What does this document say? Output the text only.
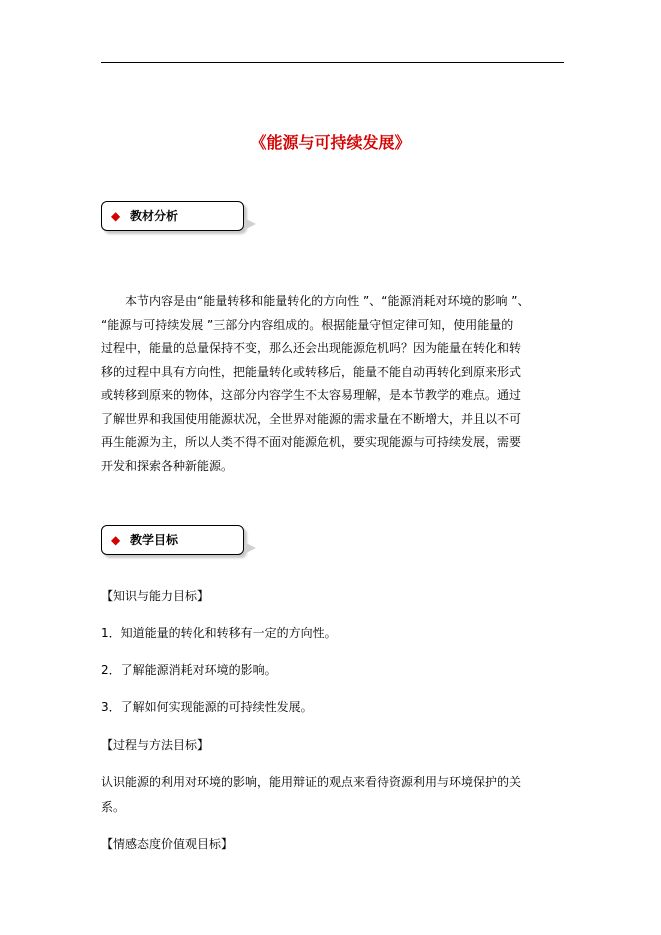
《能源与可持续发展》
◆ 教材分析
本节内容是由“能量转移和能量转化的方向性 ”、“能源消耗对环境的影响 ”、
“能源与可持续发展 ”三部分内容组成的。根据能量守恒定律可知，使用能量的
过程中，能量的总量保持不变，那么还会出现能源危机吗？因为能量在转化和转
移的过程中具有方向性，把能量转化或转移后，能量不能自动再转化到原来形式
或转移到原来的物体，这部分内容学生不太容易理解，是本节教学的难点。通过
了解世界和我国使用能源状况，全世界对能源的需求量在不断增大，并且以不可
再生能源为主，所以人类不得不面对能源危机，要实现能源与可持续发展，需要
开发和探索各种新能源。
◆ 教学目标
【知识与能力目标】
1．知道能量的转化和转移有一定的方向性。
2．了解能源消耗对环境的影响。
3．了解如何实现能源的可持续性发展。
【过程与方法目标】
认识能源的利用对环境的影响，能用辩证的观点来看待资源利用与环境保护的关
系。
【情感态度价值观目标】
